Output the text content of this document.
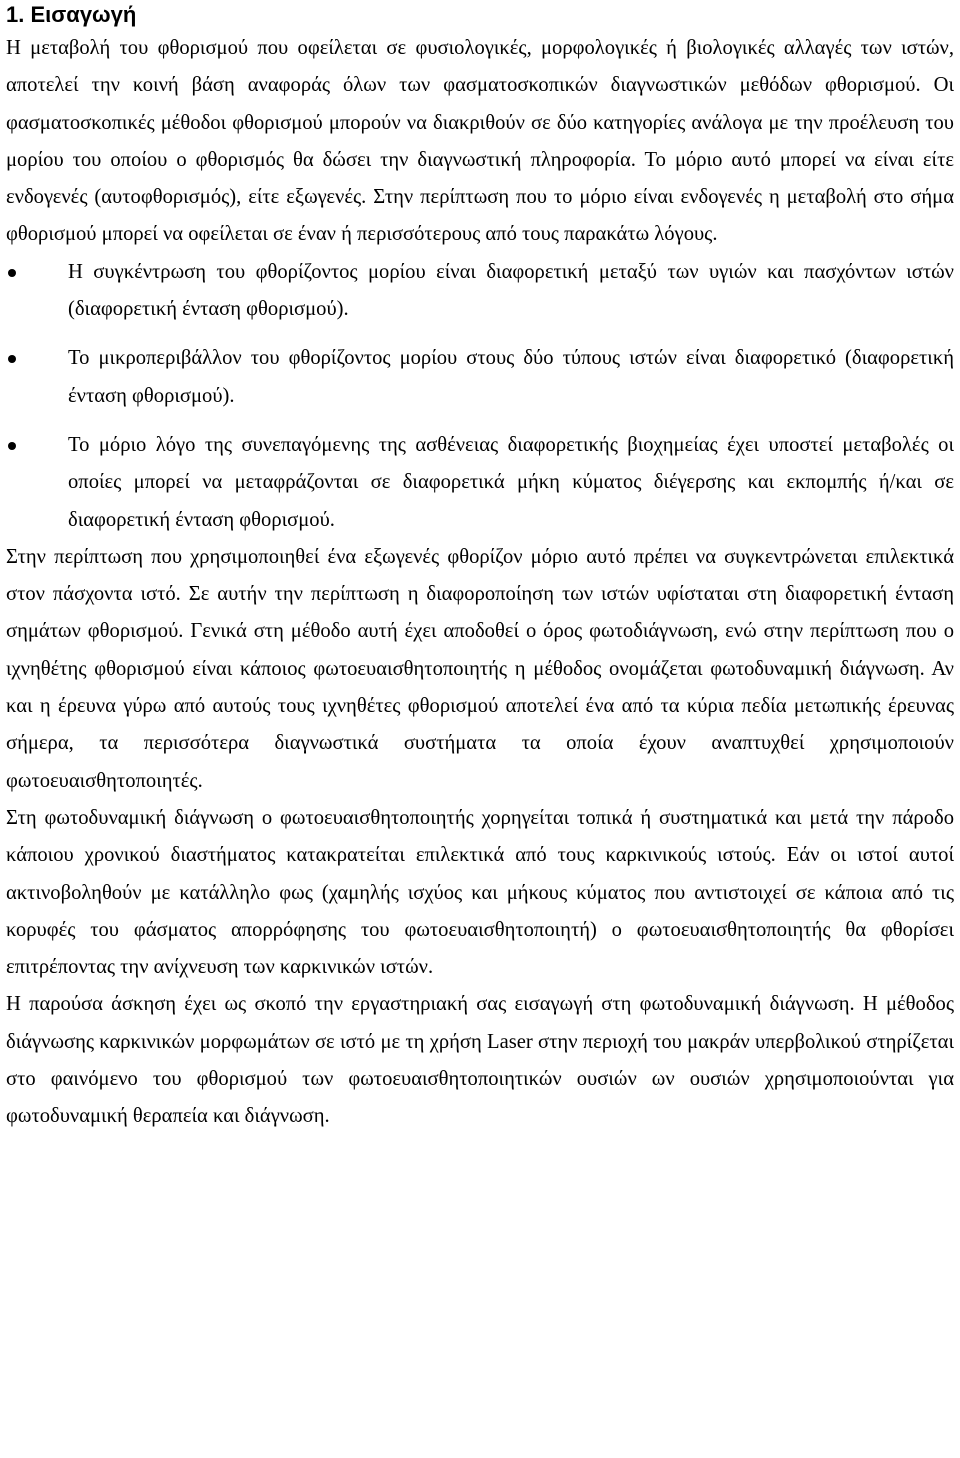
1. Εισαγωγή

Η μεταβολή του φθορισμού που οφείλεται σε φυσιολογικές, μορφολογικές ή βιολογικές αλλαγές των ιστών, αποτελεί την κοινή βάση αναφοράς όλων των φασματοσκοπικών διαγνωστικών μεθόδων φθορισμού. Οι φασματοσκοπικές μέθοδοι φθορισμού μπορούν να διακριθούν σε δύο κατηγορίες ανάλογα με την προέλευση του μορίου του οποίου ο φθορισμός θα δώσει την διαγνωστική πληροφορία. Το μόριο αυτό μπορεί να είναι είτε ενδογενές (αυτοφθορισμός), είτε εξωγενές. Στην περίπτωση που το μόριο είναι ενδογενές η μεταβολή στο σήμα φθορισμού μπορεί να οφείλεται σε έναν ή περισσότερους από τους παρακάτω λόγους.

Η συγκέντρωση του φθορίζοντος μορίου είναι διαφορετική μεταξύ των υγιών και πασχόντων ιστών (διαφορετική ένταση φθορισμού).
Το μικροπεριβάλλον του φθορίζοντος μορίου στους δύο τύπους ιστών είναι διαφορετικό (διαφορετική ένταση φθορισμού).
Το μόριο λόγο της συνεπαγόμενης της ασθένειας διαφορετικής βιοχημείας έχει υποστεί μεταβολές οι οποίες μπορεί να μεταφράζονται σε διαφορετικά μήκη κύματος διέγερσης και εκπομπής ή/και σε διαφορετική ένταση φθορισμού.

Στην περίπτωση που χρησιμοποιηθεί ένα εξωγενές φθορίζον μόριο αυτό πρέπει να συγκεντρώνεται επιλεκτικά στον πάσχοντα ιστό. Σε αυτήν την περίπτωση η διαφοροποίηση των ιστών υφίσταται στη διαφορετική ένταση σημάτων φθορισμού. Γενικά στη μέθοδο αυτή έχει αποδοθεί ο όρος φωτοδιάγνωση, ενώ στην περίπτωση που ο ιχνηθέτης φθορισμού είναι κάποιος φωτοευαισθητοποιητής η μέθοδος ονομάζεται φωτοδυναμική διάγνωση. Αν και η έρευνα γύρω από αυτούς τους ιχνηθέτες φθορισμού αποτελεί ένα από τα κύρια πεδία μετωπικής έρευνας σήμερα, τα περισσότερα διαγνωστικά συστήματα τα οποία έχουν αναπτυχθεί χρησιμοποιούν φωτοευαισθητοποιητές.

Στη φωτοδυναμική διάγνωση ο φωτοευαισθητοποιητής χορηγείται τοπικά ή συστηματικά και μετά την πάροδο κάποιου χρονικού διαστήματος κατακρατείται επιλεκτικά από τους καρκινικούς ιστούς. Εάν οι ιστοί αυτοί ακτινοβοληθούν με κατάλληλο φως (χαμηλής ισχύος και μήκους κύματος που αντιστοιχεί σε κάποια από τις κορυφές του φάσματος απορρόφησης του φωτοευαισθητοποιητή) ο φωτοευαισθητοποιητής θα φθορίσει επιτρέποντας την ανίχνευση των καρκινικών ιστών.

Η παρούσα άσκηση έχει ως σκοπό την εργαστηριακή σας εισαγωγή στη φωτοδυναμική διάγνωση. Η μέθοδος διάγνωσης καρκινικών μορφωμάτων σε ιστό με τη χρήση Laser στην περιοχή του μακράν υπερβολικού στηρίζεται στο φαινόμενο του φθορισμού των φωτοευαισθητοποιητικών ουσιών ων ουσιών χρησιμοποιούνται για φωτοδυναμική θεραπεία και διάγνωση.
